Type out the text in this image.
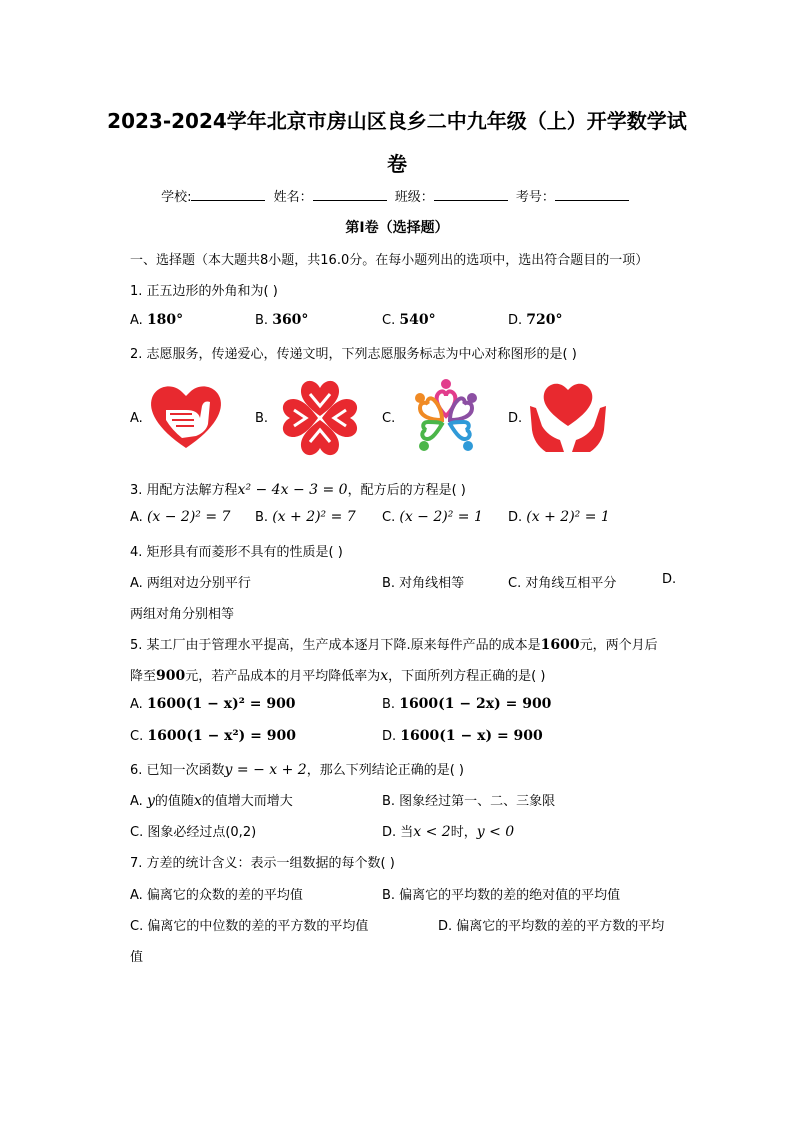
2023-2024学年北京市房山区良乡二中九年级（上）开学数学试
卷
学校:	姓名：	班级：	考号：
第Ⅰ卷（选择题）
一、选择题（本大题共8小题，共16.0分。在每小题列出的选项中，选出符合题目的一项）
1. 正五边形的外角和为( )
A. 180°	B. 360°	C. 540°	D. 720°
2. 志愿服务，传递爱心，传递文明，下列志愿服务标志为中心对称图形的是( )
A.	B.	C.	D.
3. 用配方法解方程x² − 4x − 3 = 0，配方后的方程是( )
A. (x − 2)² = 7 B. (x + 2)² = 7 C. (x − 2)² = 1 D. (x + 2)² = 1
4. 矩形具有而菱形不具有的性质是( )
A. 两组对边分别平行	B. 对角线相等	C. 对角线互相平分	D.
两组对角分别相等
5. 某工厂由于管理水平提高，生产成本逐月下降.原来每件产品的成本是1600元，两个月后
降至900元，若产品成本的月平均降低率为x，下面所列方程正确的是( )
A. 1600(1 − x)² = 900	B. 1600(1 − 2x) = 900
C. 1600(1 − x²) = 900	D. 1600(1 − x) = 900
6. 已知一次函数y = − x + 2，那么下列结论正确的是( )
A. y的值随x的值增大而增大	B. 图象经过第一、二、三象限
C. 图象必经过点(0,2)	D. 当x < 2时，y < 0
7. 方差的统计含义：表示一组数据的每个数( )
A. 偏离它的众数的差的平均值	B. 偏离它的平均数的差的绝对值的平均值
C. 偏离它的中位数的差的平方数的平均值	D. 偏离它的平均数的差的平方数的平均
值
